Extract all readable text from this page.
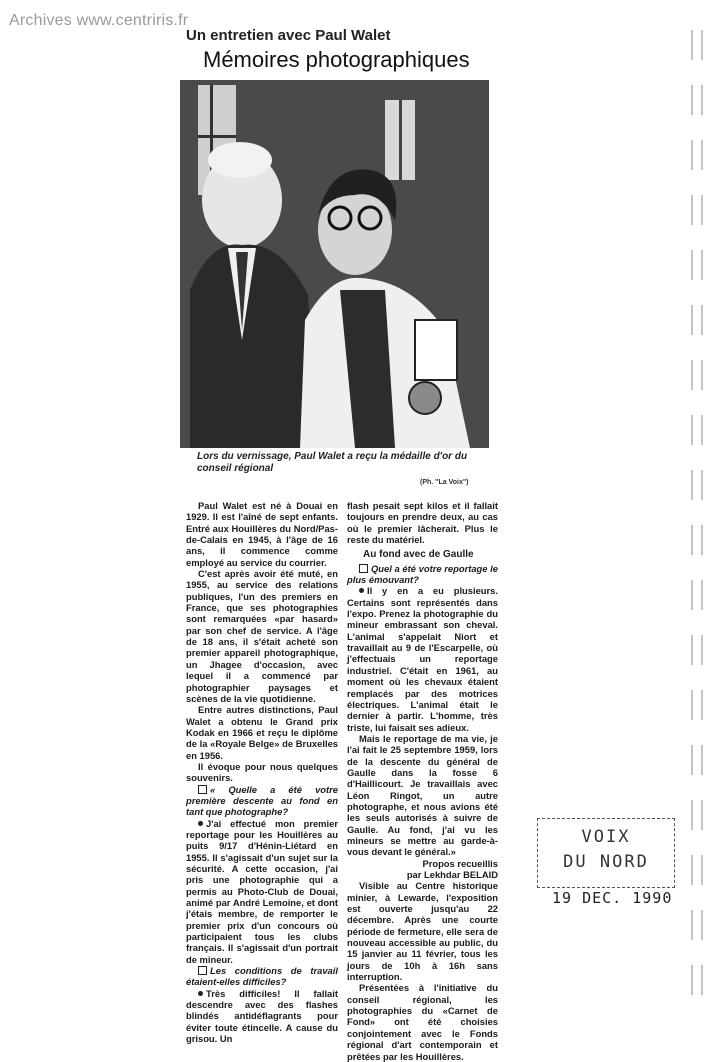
Archives www.centriris.fr
Un entretien avec Paul Walet
Mémoires photographiques
Lors du vernissage, Paul Walet a reçu la médaille d'or du conseil régional
(Ph. "La Voix")

Paul Walet est né à Douai en 1929. Il est l'aîné de sept enfants. Entré aux Houillères du Nord/Pas-de-Calais en 1945, à l'âge de 16 ans, il commence comme employé au service du courrier.

C'est après avoir été muté, en 1955, au service des relations publiques, l'un des premiers en France, que ses photographies sont remarquées «par hasard» par son chef de service. A l'âge de 18 ans, il s'était acheté son premier appareil photographique, un Jhagee d'occasion, avec lequel il a commencé par photographier paysages et scènes de la vie quotidienne.

Entre autres distinctions, Paul Walet a obtenu le Grand prix Kodak en 1966 et reçu le diplôme de la «Royale Belge» de Bruxelles en 1956.

Il évoque pour nous quelques souvenirs.

« Quelle a été votre première descente au fond en tant que photographe?

J'ai effectué mon premier reportage pour les Houillères au puits 9/17 d'Hénin-Liétard en 1955. Il s'agissait d'un sujet sur la sécurité. A cette occasion, j'ai pris une photographie qui a permis au Photo-Club de Douai, animé par André Lemoine, et dont j'étais membre, de remporter le premier prix d'un concours où participaient tous les clubs français. Il s'agissait d'un portrait de mineur.

Les conditions de travail étaient-elles difficiles?

Très difficiles! Il fallait descendre avec des flashes blindés antidéflagrants pour éviter toute étincelle. A cause du grisou. Un

flash pesait sept kilos et il fallait toujours en prendre deux, au cas où le premier lâcherait. Plus le reste du matériel.

Au fond avec de Gaulle

Quel a été votre reportage le plus émouvant?

Il y en a eu plusieurs. Certains sont représentés dans l'expo. Prenez la photographie du mineur embrassant son cheval. L'animal s'appelait Niort et travaillait au 9 de l'Escarpelle, où j'effectuais un reportage industriel. C'était en 1961, au moment où les chevaux étaient remplacés par des motrices électriques. L'animal était le dernier à partir. L'homme, très triste, lui faisait ses adieux.

Mais le reportage de ma vie, je l'ai fait le 25 septembre 1959, lors de la descente du général de Gaulle dans la fosse 6 d'Haillicourt. Je travaillais avec Léon Ringot, un autre photographe, et nous avions été les seuls autorisés à suivre de Gaulle. Au fond, j'ai vu les mineurs se mettre au garde-à-vous devant le général.»

Propos recueillis

par Lekhdar BELAID

Visible au Centre historique minier, à Lewarde, l'exposition est ouverte jusqu'au 22 décembre. Après une courte période de fermeture, elle sera de nouveau accessible au public, du 15 janvier au 11 février, tous les jours de 10h à 16h sans interruption.

Présentées à l'initiative du conseil régional, les photographies du «Carnet de Fond» ont été choisies conjointement avec le Fonds régional d'art contemporain et prêtées par les Houillères.

VOIX
DU NORD
19 DEC. 1990
